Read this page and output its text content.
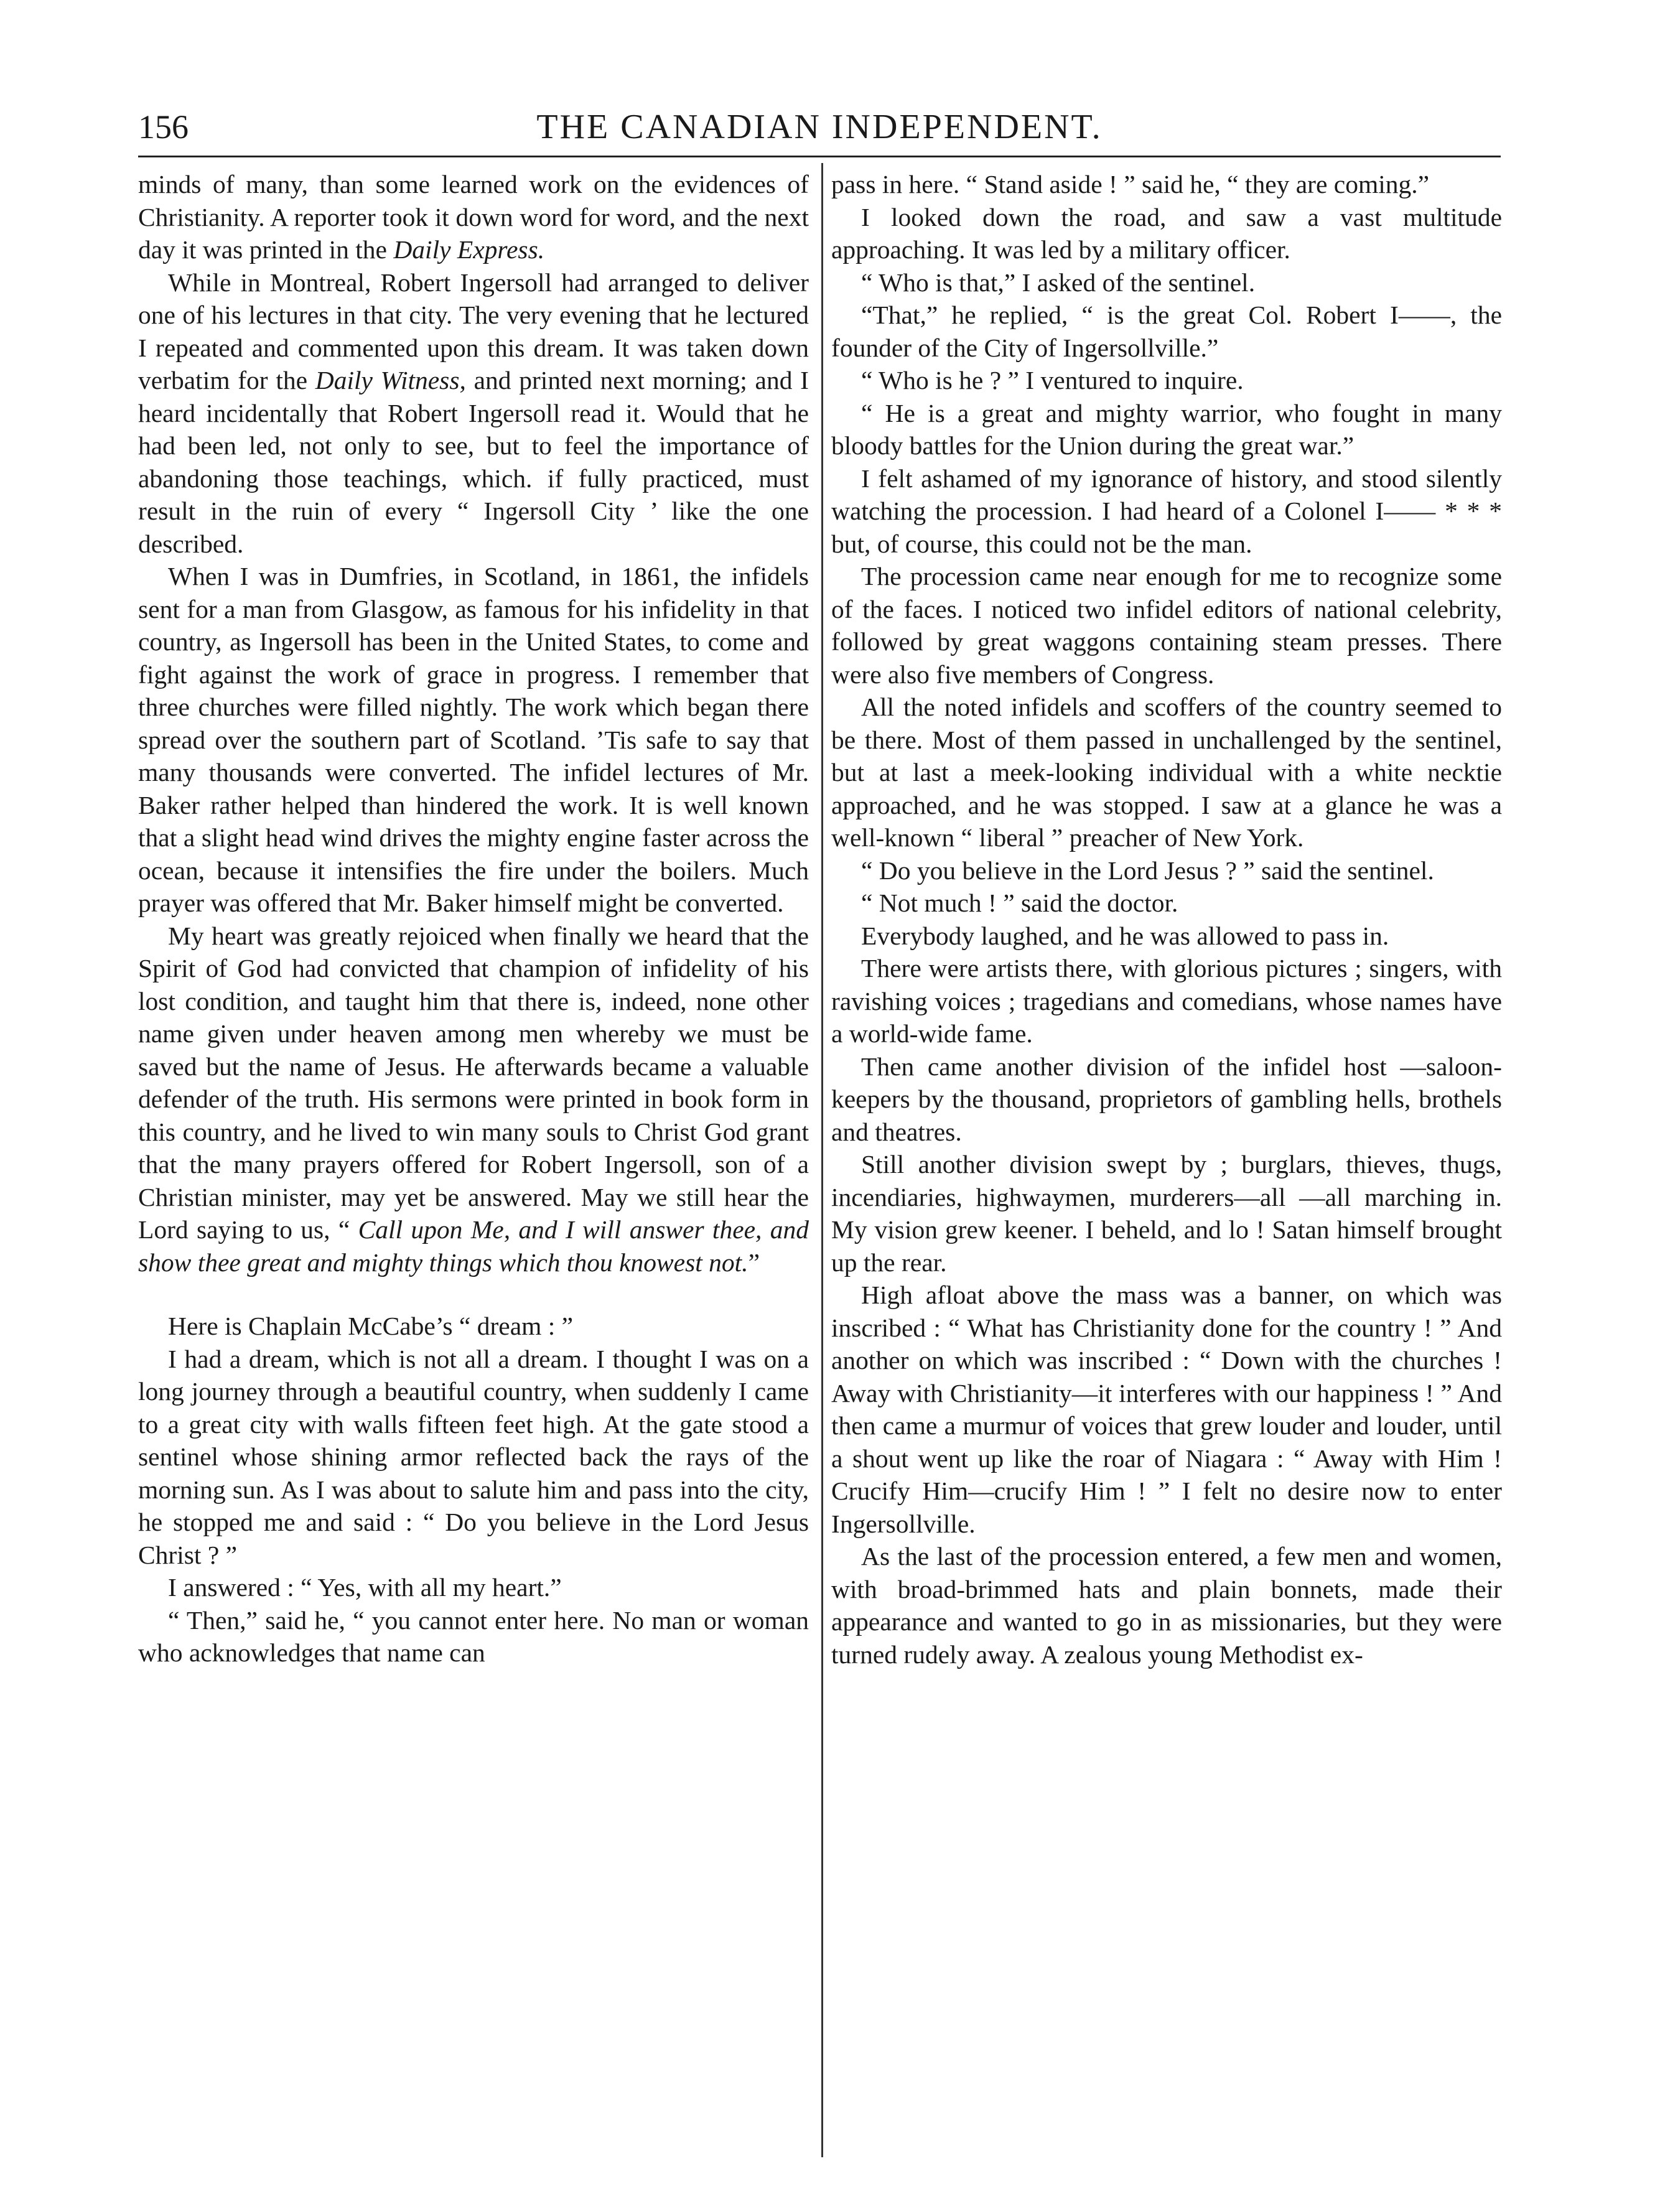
156	THE CANADIAN INDEPENDENT.

minds of many, than some learned work on the evidences of Christianity. A reporter took it down word for word, and the next day it was printed in the Daily Express.

While in Montreal, Robert Ingersoll had arranged to deliver one of his lectures in that city. The very evening that he lectured I repeated and commented upon this dream. It was taken down verbatim for the Daily Witness, and printed next morning; and I heard incidentally that Robert Ingersoll read it. Would that he had been led, not only to see, but to feel the importance of abandoning those teachings, which. if fully practiced, must result in the ruin of every “ Ingersoll City ’ like the one described.

When I was in Dumfries, in Scotland, in 1861, the infidels sent for a man from Glasgow, as famous for his infidelity in that country, as Ingersoll has been in the United States, to come and fight against the work of grace in progress. I remember that three churches were filled nightly. The work which began there spread over the southern part of Scotland. ’Tis safe to say that many thousands were converted. The infidel lectures of Mr. Baker rather helped than hindered the work. It is well known that a slight head wind drives the mighty engine faster across the ocean, because it intensifies the fire under the boilers. Much prayer was offered that Mr. Baker himself might be converted.

My heart was greatly rejoiced when finally we heard that the Spirit of God had convicted that champion of infidelity of his lost condition, and taught him that there is, indeed, none other name given under heaven among men whereby we must be saved but the name of Jesus. He afterwards became a valuable defender of the truth. His sermons were printed in book form in this country, and he lived to win many souls to Christ God grant that the many prayers offered for Robert Ingersoll, son of a Christian minister, may yet be answered. May we still hear the Lord saying to us, “ Call upon Me, and I will answer thee, and show thee great and mighty things which thou knowest not.”

Here is Chaplain McCabe’s “ dream : ”

I had a dream, which is not all a dream. I thought I was on a long journey through a beautiful country, when suddenly I came to a great city with walls fifteen feet high. At the gate stood a sentinel whose shining armor reflected back the rays of the morning sun. As I was about to salute him and pass into the city, he stopped me and said : “ Do you believe in the Lord Jesus Christ ? ”

I answered : “ Yes, with all my heart.”

“ Then,” said he, “ you cannot enter here. No man or woman who acknowledges that name can

pass in here. “ Stand aside ! ” said he, “ they are coming.”

I looked down the road, and saw a vast multitude approaching. It was led by a military officer.

“ Who is that,” I asked of the sentinel.

“That,” he replied, “ is the great Col. Robert I——, the founder of the City of Ingersollville.”

“ Who is he ? ” I ventured to inquire.

“ He is a great and mighty warrior, who fought in many bloody battles for the Union during the great war.”

I felt ashamed of my ignorance of history, and stood silently watching the procession. I had heard of a Colonel I—— * * * but, of course, this could not be the man.

The procession came near enough for me to recognize some of the faces. I noticed two infidel editors of national celebrity, followed by great waggons containing steam presses. There were also five members of Congress.

All the noted infidels and scoffers of the country seemed to be there. Most of them passed in unchallenged by the sentinel, but at last a meek-looking individual with a white necktie approached, and he was stopped. I saw at a glance he was a well-known “ liberal ” preacher of New York.

“ Do you believe in the Lord Jesus ? ” said the sentinel.

“ Not much ! ” said the doctor.

Everybody laughed, and he was allowed to pass in.

There were artists there, with glorious pictures ; singers, with ravishing voices ; tragedians and comedians, whose names have a world-wide fame.

Then came another division of the infidel host —saloon-keepers by the thousand, proprietors of gambling hells, brothels and theatres.

Still another division swept by ; burglars, thieves, thugs, incendiaries, highwaymen, murderers—all —all marching in. My vision grew keener. I beheld, and lo ! Satan himself brought up the rear.

High afloat above the mass was a banner, on which was inscribed : “ What has Christianity done for the country ! ” And another on which was inscribed : “ Down with the churches ! Away with Christianity—it interferes with our happiness ! ” And then came a murmur of voices that grew louder and louder, until a shout went up like the roar of Niagara : “ Away with Him ! Crucify Him—crucify Him ! ” I felt no desire now to enter Ingersollville.

As the last of the procession entered, a few men and women, with broad-brimmed hats and plain bonnets, made their appearance and wanted to go in as missionaries, but they were turned rudely away. A zealous young Methodist ex-
